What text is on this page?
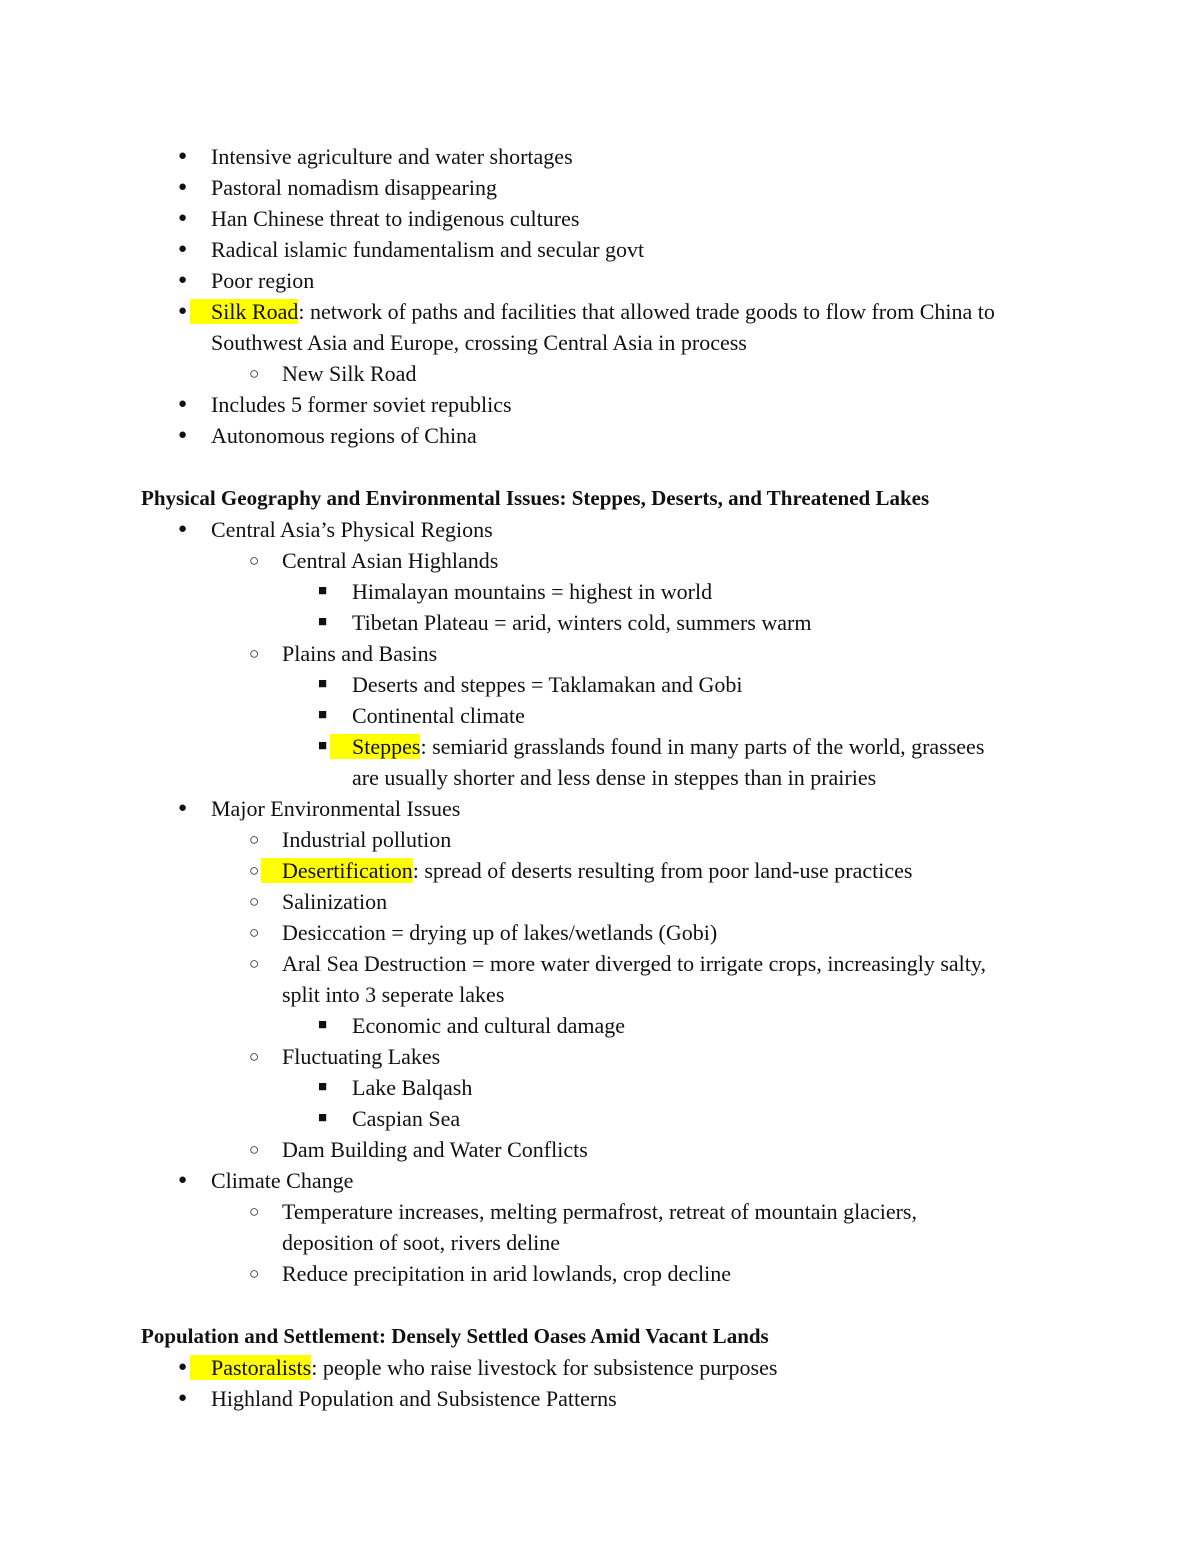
● Intensive agriculture and water shortages
● Pastoral nomadism disappearing
● Han Chinese threat to indigenous cultures
● Radical islamic fundamentalism and secular govt
● Poor region
●	Silk Road: network of paths and facilities that allowed trade goods to flow from China to
Southwest Asia and Europe, crossing Central Asia in process
○ New Silk Road
● Includes 5 former soviet republics
● Autonomous regions of China
Physical Geography and Environmental Issues: Steppes, Deserts, and Threatened Lakes
● Central Asia’s Physical Regions
○ Central Asian Highlands
■ Himalayan mountains = highest in world
■ Tibetan Plateau = arid, winters cold, summers warm
○ Plains and Basins
■ Deserts and steppes = Taklamakan and Gobi
■ Continental climate
■	Steppes: semiarid grasslands found in many parts of the world, grassees
are usually shorter and less dense in steppes than in prairies
● Major Environmental Issues
○ Industrial pollution
○	Desertification: spread of deserts resulting from poor land-use practices
○ Salinization
○ Desiccation = drying up of lakes/wetlands (Gobi)
○ Aral Sea Destruction = more water diverged to irrigate crops, increasingly salty,
split into 3 seperate lakes
■ Economic and cultural damage
○ Fluctuating Lakes
■ Lake Balqash
■ Caspian Sea
○ Dam Building and Water Conflicts
● Climate Change
○ Temperature increases, melting permafrost, retreat of mountain glaciers,
deposition of soot, rivers deline
○ Reduce precipitation in arid lowlands, crop decline
Population and Settlement: Densely Settled Oases Amid Vacant Lands
●	Pastoralists: people who raise livestock for subsistence purposes
● Highland Population and Subsistence Patterns
